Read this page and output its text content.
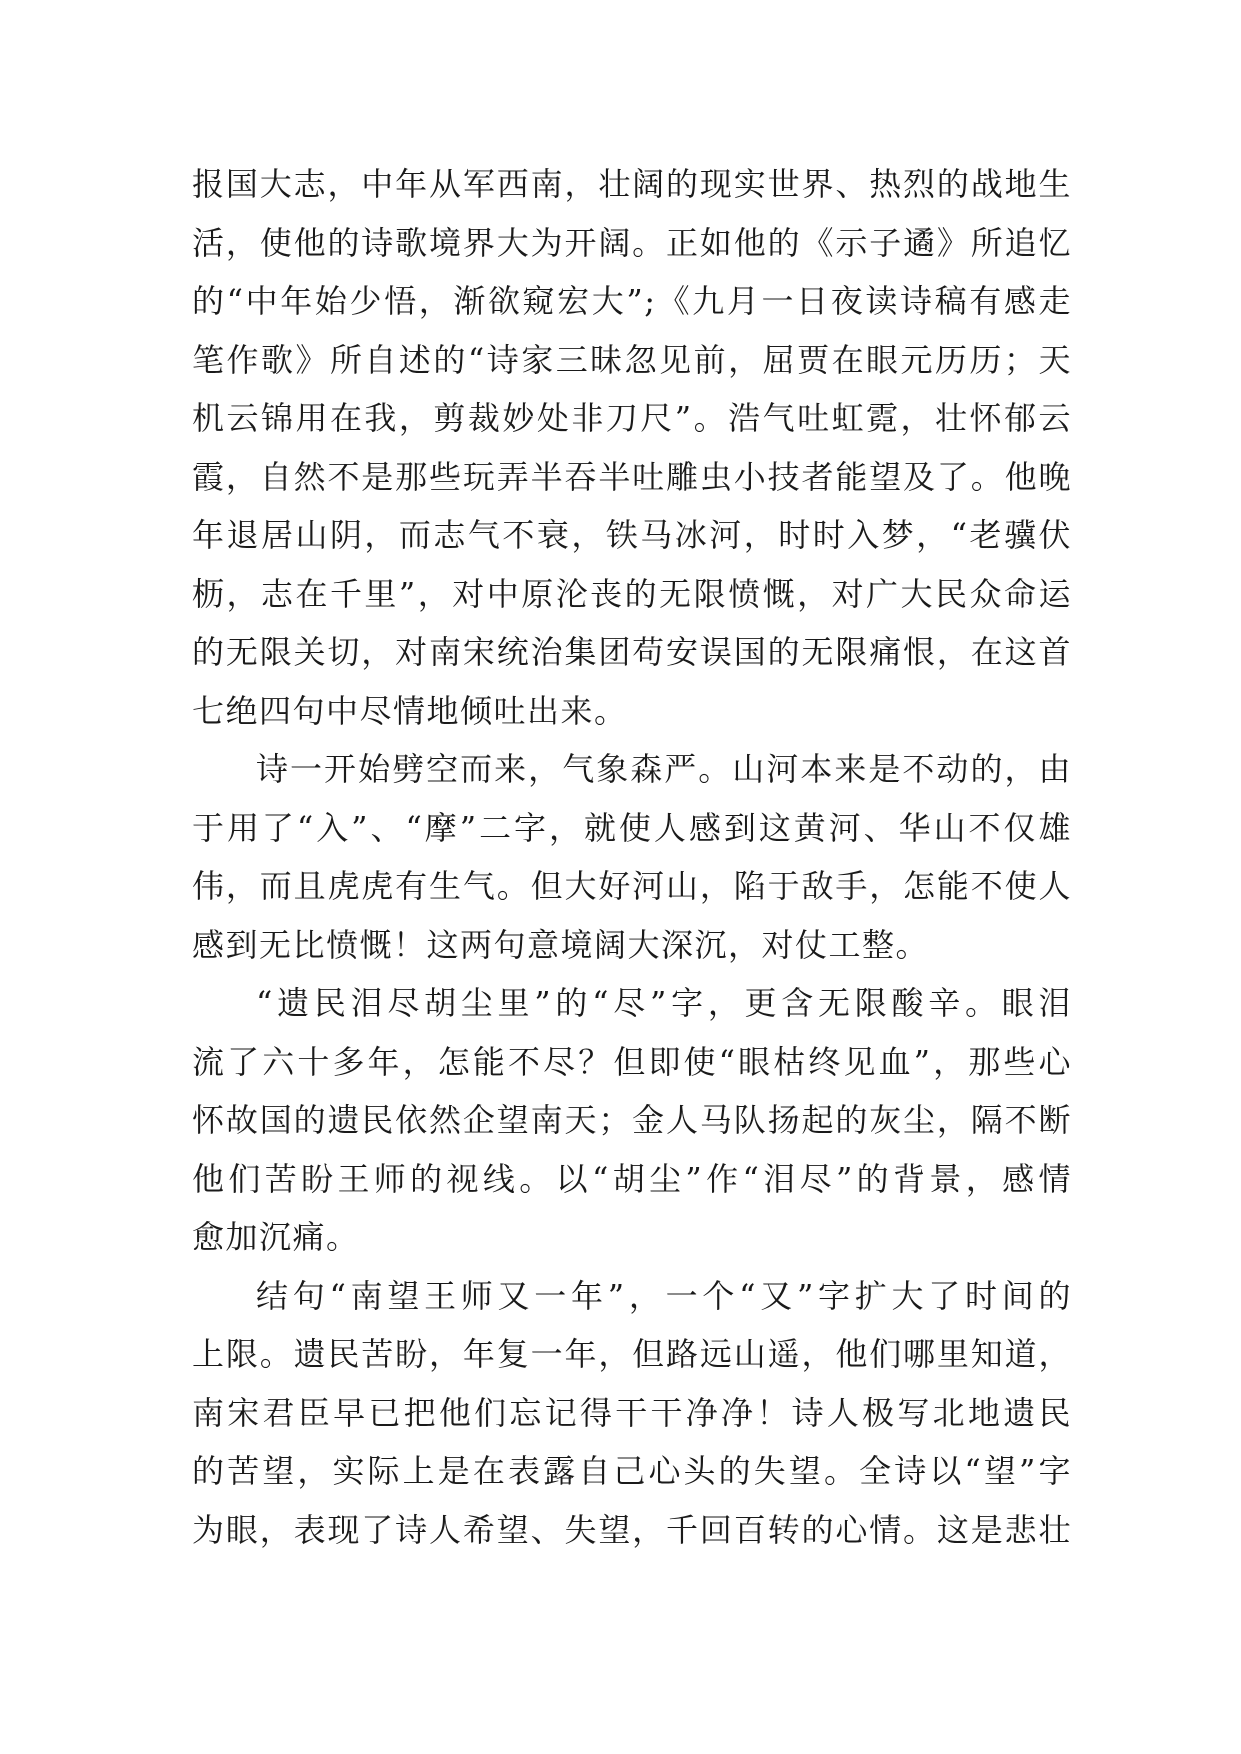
报国大志，中年从军西南，壮阔的现实世界、热烈的战地生
活，使他的诗歌境界大为开阔。正如他的《示子遹》所追忆
的“中年始少悟，渐欲窥宏大”;《九月一日夜读诗稿有感走
笔作歌》所自述的“诗家三昧忽见前，屈贾在眼元历历；天
机云锦用在我，剪裁妙处非刀尺”。浩气吐虹霓，壮怀郁云
霞，自然不是那些玩弄半吞半吐雕虫小技者能望及了。他晚
年退居山阴，而志气不衰，铁马冰河，时时入梦，“老骥伏
枥，志在千里”，对中原沦丧的无限愤慨，对广大民众命运
的无限关切，对南宋统治集团苟安误国的无限痛恨，在这首
七绝四句中尽情地倾吐出来。
诗一开始劈空而来，气象森严。山河本来是不动的，由
于用了“入”、“摩”二字，就使人感到这黄河、华山不仅雄
伟，而且虎虎有生气。但大好河山，陷于敌手，怎能不使人
感到无比愤慨！这两句意境阔大深沉，对仗工整。
“遗民泪尽胡尘里”的“尽”字，更含无限酸辛。眼泪
流了六十多年，怎能不尽？但即使“眼枯终见血”，那些心
怀故国的遗民依然企望南天；金人马队扬起的灰尘，隔不断
他们苦盼王师的视线。以“胡尘”作“泪尽”的背景，感情
愈加沉痛。
结句“南望王师又一年”，一个“又”字扩大了时间的
上限。遗民苦盼，年复一年，但路远山遥，他们哪里知道，
南宋君臣早已把他们忘记得干干净净！诗人极写北地遗民
的苦望，实际上是在表露自己心头的失望。全诗以“望”字
为眼，表现了诗人希望、失望，千回百转的心情。这是悲壮
